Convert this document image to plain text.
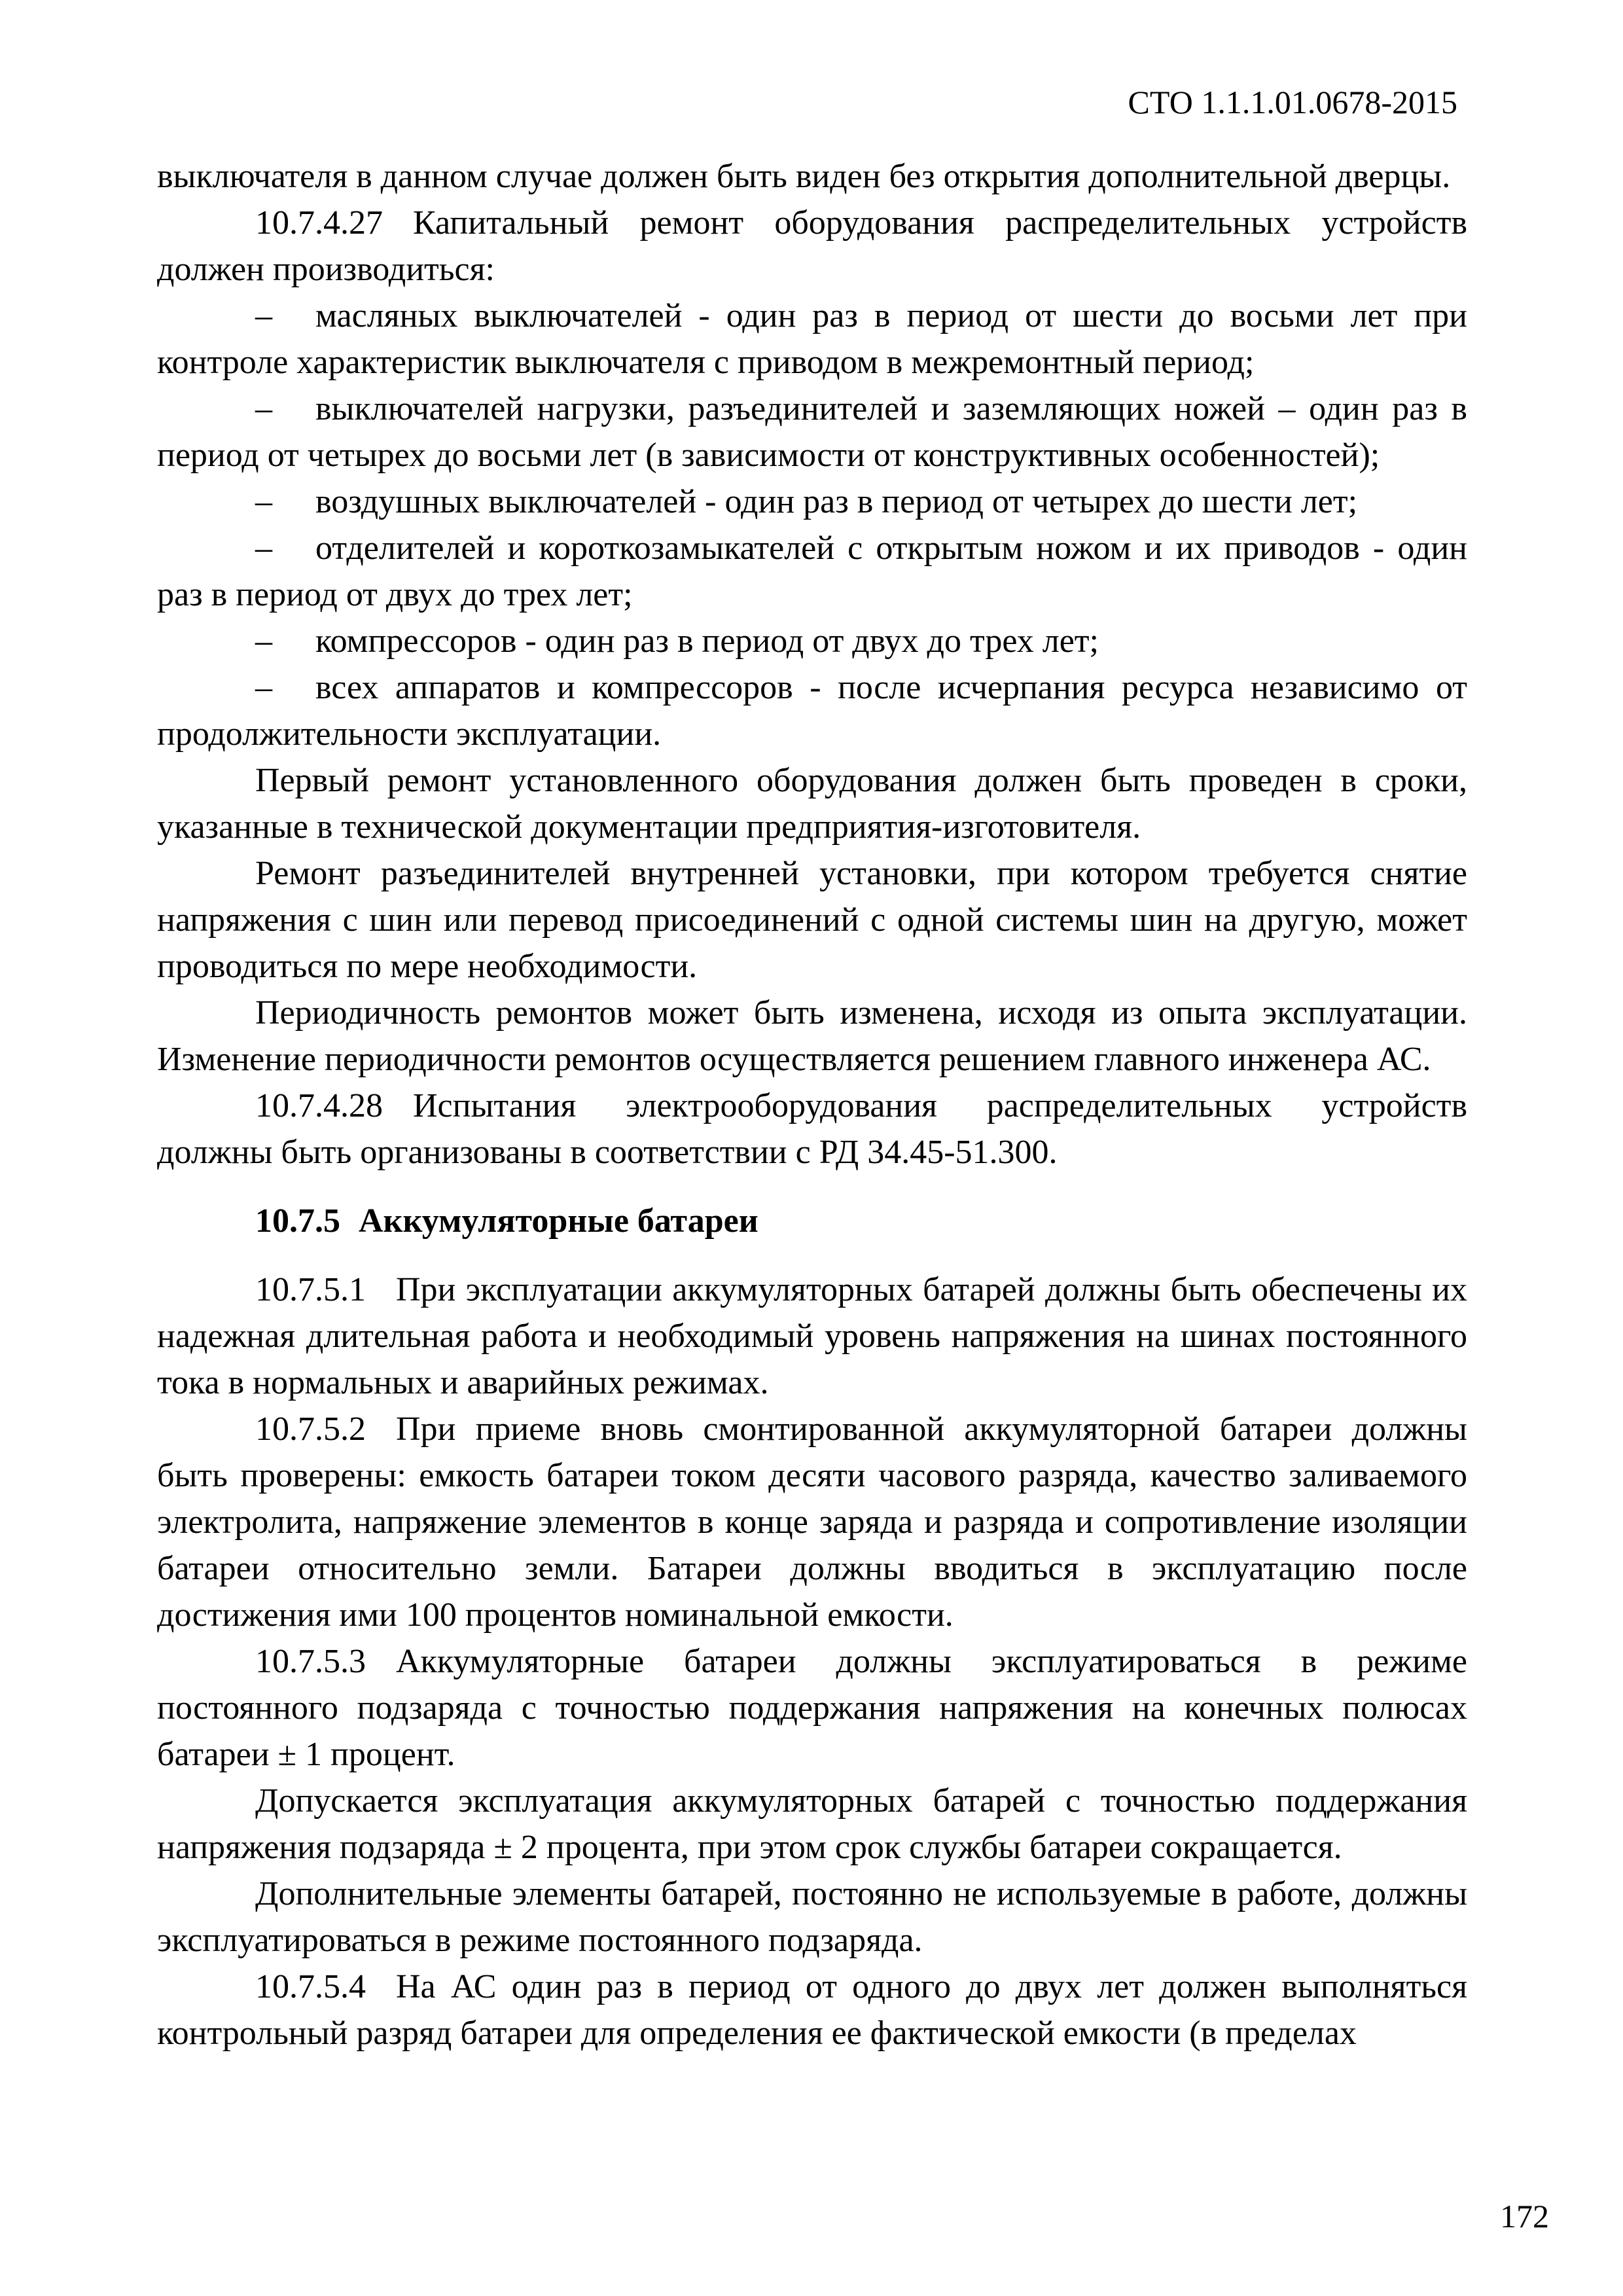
СТО 1.1.1.01.0678-2015

выключателя в данном случае должен быть виден без открытия дополнительной дверцы.

10.7.4.27 Капитальный ремонт оборудования распределительных устройств должен производиться:

– масляных выключателей - один раз в период от шести до восьми лет при контроле характеристик выключателя с приводом в межремонтный период;

– выключателей нагрузки, разъединителей и заземляющих ножей – один раз в период от четырех до восьми лет (в зависимости от конструктивных особенностей);

– воздушных выключателей - один раз в период от четырех до шести лет;

– отделителей и короткозамыкателей с открытым ножом и их приводов - один раз в период от двух до трех лет;

– компрессоров - один раз в период от двух до трех лет;

– всех аппаратов и компрессоров - после исчерпания ресурса независимо от продолжительности эксплуатации.

Первый ремонт установленного оборудования должен быть проведен в сроки, указанные в технической документации предприятия-изготовителя.

Ремонт разъединителей внутренней установки, при котором требуется снятие напряжения с шин или перевод присоединений с одной системы шин на другую, может проводиться по мере необходимости.

Периодичность ремонтов может быть изменена, исходя из опыта эксплуатации. Изменение периодичности ремонтов осуществляется решением главного инженера АС.

10.7.4.28 Испытания электрооборудования распределительных устройств должны быть организованы в соответствии с РД 34.45-51.300.

10.7.5 Аккумуляторные батареи

10.7.5.1 При эксплуатации аккумуляторных батарей должны быть обеспечены их надежная длительная работа и необходимый уровень напряжения на шинах постоянного тока в нормальных и аварийных режимах.

10.7.5.2 При приеме вновь смонтированной аккумуляторной батареи должны быть проверены: емкость батареи током десяти часового разряда, качество заливаемого электролита, напряжение элементов в конце заряда и разряда и сопротивление изоляции батареи относительно земли. Батареи должны вводиться в эксплуатацию после достижения ими 100 процентов номинальной емкости.

10.7.5.3 Аккумуляторные батареи должны эксплуатироваться в режиме постоянного подзаряда с точностью поддержания напряжения на конечных полюсах батареи ± 1 процент.

Допускается эксплуатация аккумуляторных батарей с точностью поддержания напряжения подзаряда ± 2 процента, при этом срок службы батареи сокращается.

Дополнительные элементы батарей, постоянно не используемые в работе, должны эксплуатироваться в режиме постоянного подзаряда.

10.7.5.4 На АС один раз в период от одного до двух лет должен выполняться контрольный разряд батареи для определения ее фактической емкости (в пределах

172
